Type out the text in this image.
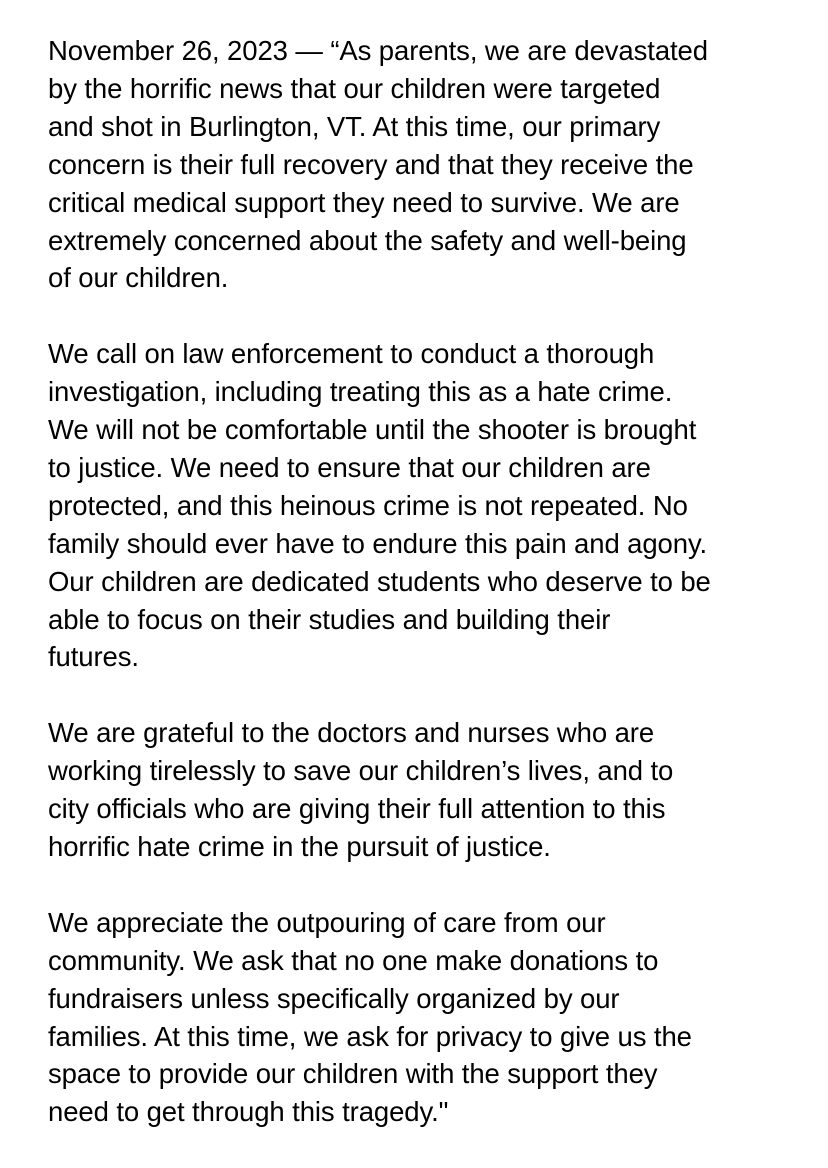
November 26, 2023 — “As parents, we are devastated
by the horrific news that our children were targeted
and shot in Burlington, VT. At this time, our primary
concern is their full recovery and that they receive the
critical medical support they need to survive. We are
extremely concerned about the safety and well-being
of our children.

We call on law enforcement to conduct a thorough
investigation, including treating this as a hate crime.
We will not be comfortable until the shooter is brought
to justice. We need to ensure that our children are
protected, and this heinous crime is not repeated. No
family should ever have to endure this pain and agony.
Our children are dedicated students who deserve to be
able to focus on their studies and building their
futures.

We are grateful to the doctors and nurses who are
working tirelessly to save our children’s lives, and to
city officials who are giving their full attention to this
horrific hate crime in the pursuit of justice.

We appreciate the outpouring of care from our
community. We ask that no one make donations to
fundraisers unless specifically organized by our
families. At this time, we ask for privacy to give us the
space to provide our children with the support they
need to get through this tragedy."
